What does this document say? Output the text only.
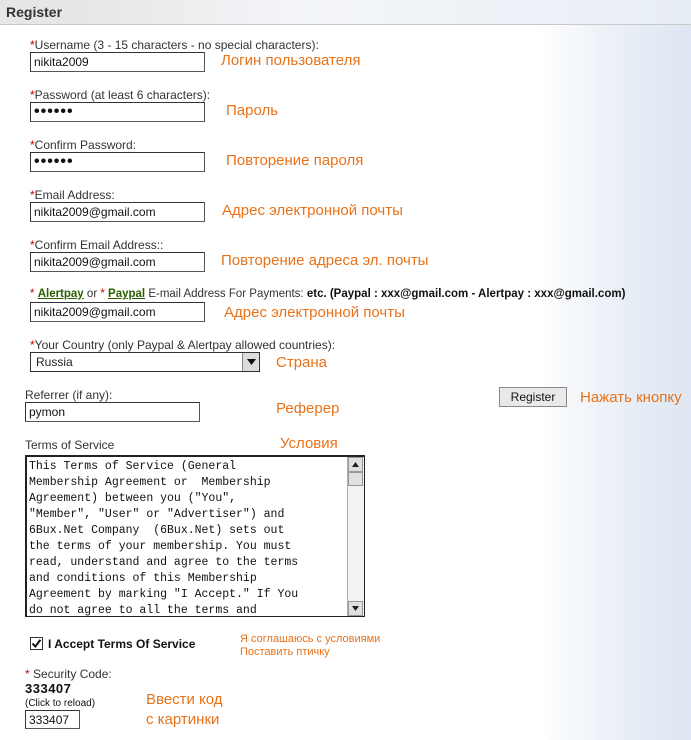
Register
*Username (3 - 15 characters - no special characters):
nikita2009
Логин пользователя
*Password (at least 6 characters):
••••••	Пароль
*Confirm Password:
••••••	Повторение пароля
*Email Address:
nikita2009@gmail.com
Адрес электронной почты
*Confirm Email Address::
nikita2009@gmail.com
Повторение адреса эл. почты
* Alertpay or * Paypal E-mail Address For Payments: etc. (Paypal : xxx@gmail.com - Alertpay : xxx@gmail.com)
nikita2009@gmail.com
Адрес электронной почты
*Your Country (only Paypal & Alertpay allowed countries):
Russia	Страна
Referrer (if any):
pymon
Реферер
Register	Нажать кнопку
Terms of Service	Условия
This Terms of Service (General
Membership Agreement or  Membership
Agreement) between you ("You",
"Member", "User" or "Advertiser") and
6Bux.Net Company  (6Bux.Net) sets out
the terms of your membership. You must
read, understand and agree to the terms
and conditions of this Membership
Agreement by marking "I Accept." If You
do not agree to all the terms and
I Accept Terms Of Service	Я соглашаюсь с условиями
Поставить птичку
* Security Code:
333407
(Click to reload)
333407	Ввести код
с картинки
